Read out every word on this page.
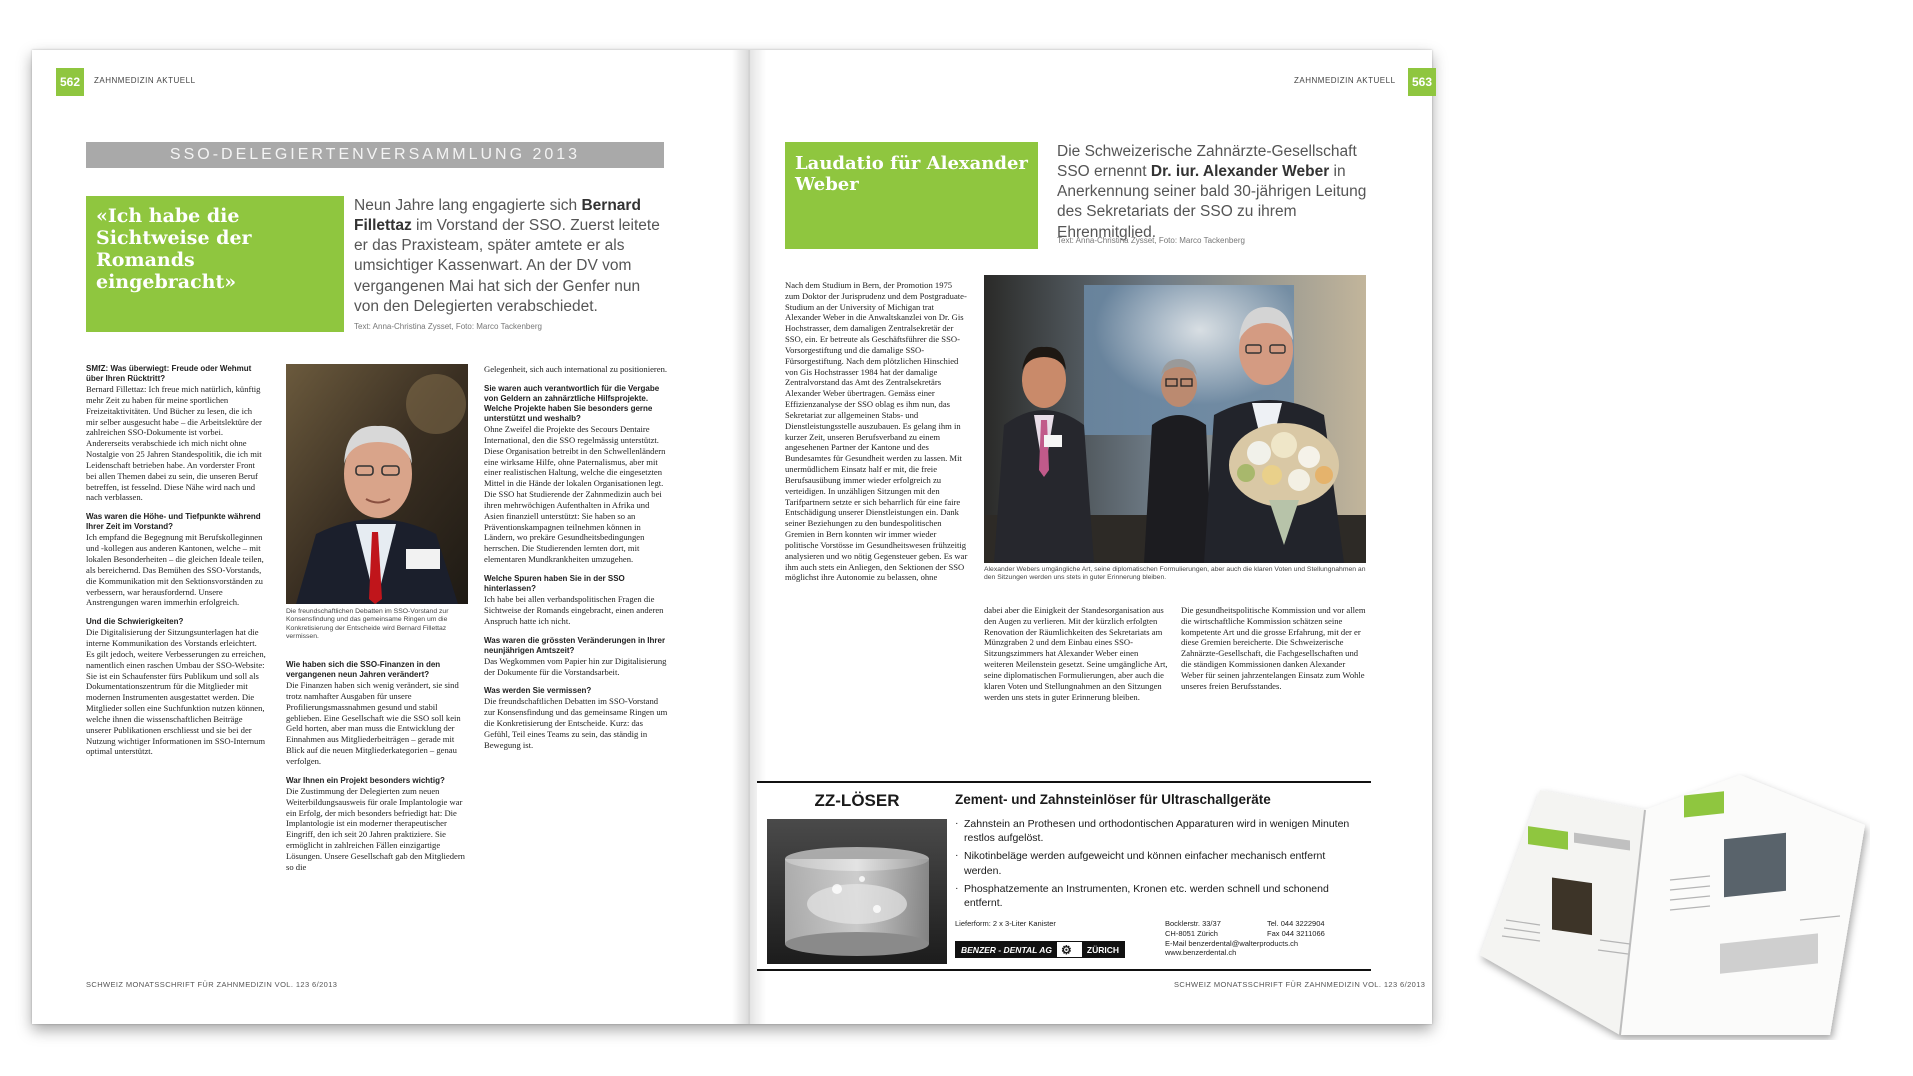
562	ZAHNMEDIZIN AKTUELL
SSO-DELEGIERTENVERSAMMLUNG 2013
«Ich habe die Sichtweise der Romands eingebracht»
Neun Jahre lang engagierte sich Bernard Fillettaz im Vorstand der SSO. Zuerst leitete er das Praxisteam, später amtete er als umsichtiger Kassenwart. An der DV vom vergangenen Mai hat sich der Genfer nun von den Delegierten verabschiedet.
Text: Anna-Christina Zysset, Foto: Marco Tackenberg

SMfZ: Was überwiegt: Freude oder Wehmut über Ihren Rücktritt?
Bernard Fillettaz: Ich freue mich natürlich, künftig mehr Zeit zu haben für meine sportlichen Freizeitaktivitäten. Und Bücher zu lesen, die ich mir selber ausgesucht habe – die Arbeitslektüre der zahlreichen SSO-Dokumente ist vorbei. Andererseits verabschiede ich mich nicht ohne Nostalgie von 25 Jahren Standespolitik, die ich mit Leidenschaft betrieben habe. An vorderster Front bei allen Themen dabei zu sein, die unseren Beruf betreffen, ist fesselnd. Diese Nähe wird nach und nach verblassen.

Was waren die Höhe- und Tiefpunkte während Ihrer Zeit im Vorstand?
Ich empfand die Begegnung mit Berufskolleginnen und -kollegen aus anderen Kantonen, welche – mit lokalen Besonderheiten – die gleichen Ideale teilen, als bereichernd. Das Bemühen des SSO-Vorstands, die Kommunikation mit den Sektionsvorständen zu verbessern, war herausfordernd. Unsere Anstrengungen waren immerhin erfolgreich.

Und die Schwierigkeiten?
Die Digitalisierung der Sitzungsunterlagen hat die interne Kommunikation des Vorstands erleichtert. Es gilt jedoch, weitere Verbesserungen zu erreichen, namentlich einen raschen Umbau der SSO-Website: Sie ist ein Schaufenster fürs Publikum und soll als Dokumentationszentrum für die Mitglieder mit modernen Instrumenten ausgestattet werden. Die Mitglieder sollen eine Suchfunktion nutzen können, welche ihnen die wissenschaftlichen Beiträge unserer Publikationen erschliesst und sie bei der Nutzung wichtiger Informationen im SSO-Internum optimal unterstützt.

Die freundschaftlichen Debatten im SSO-Vorstand zur Konsensfindung und das gemeinsame Ringen um die Konkretisierung der Entscheide wird Bernard Fillettaz vermissen.

Wie haben sich die SSO-Finanzen in den vergangenen neun Jahren verändert?
Die Finanzen haben sich wenig verändert, sie sind trotz namhafter Ausgaben für unsere Profilierungsmassnahmen gesund und stabil geblieben. Eine Gesellschaft wie die SSO soll kein Geld horten, aber man muss die Entwicklung der Einnahmen aus Mitgliederbeiträgen – gerade mit Blick auf die neuen Mitgliederkategorien – genau verfolgen.

War Ihnen ein Projekt besonders wichtig?
Die Zustimmung der Delegierten zum neuen Weiterbildungsausweis für orale Implantologie war ein Erfolg, der mich besonders befriedigt hat: Die Implantologie ist ein moderner therapeutischer Eingriff, den ich seit 20 Jahren praktiziere. Sie ermöglicht in zahlreichen Fällen einzigartige Lösungen. Unsere Gesellschaft gab den Mitgliedern so die

Gelegenheit, sich auch international zu positionieren.

Sie waren auch verantwortlich für die Vergabe von Geldern an zahnärztliche Hilfsprojekte. Welche Projekte haben Sie besonders gerne unterstützt und weshalb?
Ohne Zweifel die Projekte des Secours Dentaire International, den die SSO regelmässig unterstützt. Diese Organisation betreibt in den Schwellenländern eine wirksame Hilfe, ohne Paternalismus, aber mit einer realistischen Haltung, welche die eingesetzten Mittel in die Hände der lokalen Organisationen legt. Die SSO hat Studierende der Zahnmedizin auch bei ihren mehrwöchigen Aufenthalten in Afrika und Asien finanziell unterstützt: Sie haben so an Präventionskampagnen teilnehmen können in Ländern, wo prekäre Gesundheitsbedingungen herrschen. Die Studierenden lernten dort, mit elementaren Mundkrankheiten umzugehen.

Welche Spuren haben Sie in der SSO hinterlassen?
Ich habe bei allen verbandspolitischen Fragen die Sichtweise der Romands eingebracht, einen anderen Anspruch hatte ich nicht.

Was waren die grössten Veränderungen in Ihrer neunjährigen Amtszeit?
Das Wegkommen vom Papier hin zur Digitalisierung der Dokumente für die Vorstandsarbeit.

Was werden Sie vermissen?
Die freundschaftlichen Debatten im SSO-Vorstand zur Konsensfindung und das gemeinsame Ringen um die Konkretisierung der Entscheide. Kurz: das Gefühl, Teil eines Teams zu sein, das ständig in Bewegung ist.

SCHWEIZ MONATSSCHRIFT FÜR ZAHNMEDIZIN VOL. 123 6/2013
ZAHNMEDIZIN AKTUELL	563
Laudatio für Alexander Weber
Die Schweizerische Zahnärzte-Gesellschaft SSO ernennt Dr. iur. Alexander Weber in Anerkennung seiner bald 30-jährigen Leitung des Sekretariats der SSO zu ihrem Ehrenmitglied.
Text: Anna-Christina Zysset, Foto: Marco Tackenberg

Nach dem Studium in Bern, der Promotion 1975 zum Doktor der Jurisprudenz und dem Postgraduate-Studium an der University of Michigan trat Alexander Weber in die Anwaltskanzlei von Dr. Gis Hochstrasser, dem damaligen Zentralsekretär der SSO, ein. Er betreute als Geschäftsführer die SSO-Vorsorgestiftung und die damalige SSO-Fürsorgestiftung. Nach dem plötzlichen Hinschied von Gis Hochstrasser 1984 hat der damalige Zentralvorstand das Amt des Zentralsekretärs Alexander Weber übertragen. Gemäss einer Effizienzanalyse der SSO oblag es ihm nun, das Sekretariat zur allgemeinen Stabs- und Dienstleistungsstelle auszubauen. Es gelang ihm in kurzer Zeit, unseren Berufsverband zu einem angesehenen Partner der Kantone und des Bundesamtes für Gesundheit werden zu lassen. Mit unermüdlichem Einsatz half er mit, die freie Berufsausübung immer wieder erfolgreich zu verteidigen. In unzähligen Sitzungen mit den Tarifpartnern setzte er sich beharrlich für eine faire Entschädigung unserer Dienstleistungen ein. Dank seiner Beziehungen zu den bundespolitischen Gremien in Bern konnten wir immer wieder politische Vorstösse im Gesundheitswesen frühzeitig analysieren und wo nötig Gegensteuer geben. Es war ihm auch stets ein Anliegen, den Sektionen der SSO möglichst ihre Autonomie zu belassen, ohne

Alexander Webers umgängliche Art, seine diplomatischen Formulierungen, aber auch die klaren Voten und Stellungnahmen an den Sitzungen werden uns stets in guter Erinnerung bleiben.

dabei aber die Einigkeit der Standesorganisation aus den Augen zu verlieren. Mit der kürzlich erfolgten Renovation der Räumlichkeiten des Sekretariats am Münzgraben 2 und dem Einbau eines SSO-Sitzungszimmers hat Alexander Weber einen weiteren Meilenstein gesetzt. Seine umgängliche Art, seine diplomatischen Formulierungen, aber auch die klaren Voten und Stellungnahmen an den Sitzungen werden uns stets in guter Erinnerung bleiben.

Die gesundheitspolitische Kommission und vor allem die wirtschaftliche Kommission schätzen seine kompetente Art und die grosse Erfahrung, mit der er diese Gremien bereicherte. Die Schweizerische Zahnärzte-Gesellschaft, die Fachgesellschaften und die ständigen Kommissionen danken Alexander Weber für seinen jahrzentelangen Einsatz zum Wohle unseres freien Berufsstandes.

SCHWEIZ MONATSSCHRIFT FÜR ZAHNMEDIZIN VOL. 123 6/2013
ZZ-LÖSER	Zement- und Zahnsteinlöser für Ultraschallgeräte
· Zahnstein an Prothesen und orthodontischen Apparaturen wird in wenigen Minuten restlos aufgelöst.
· Nikotinbeläge werden aufgeweicht und können einfacher mechanisch entfernt werden.
· Phosphatzemente an Instrumenten, Kronen etc. werden schnell und schonend entfernt.
Lieferform: 2 x 3-Liter Kanister	Bocklerstr. 33/37
CH-8051 Zürich
E-Mail benzerdental@walterproducts.ch
www.benzerdental.ch
Tel. 044 3222904
Fax 044 3211066
BENZER - DENTAL AG ⚙	ZÜRICH
